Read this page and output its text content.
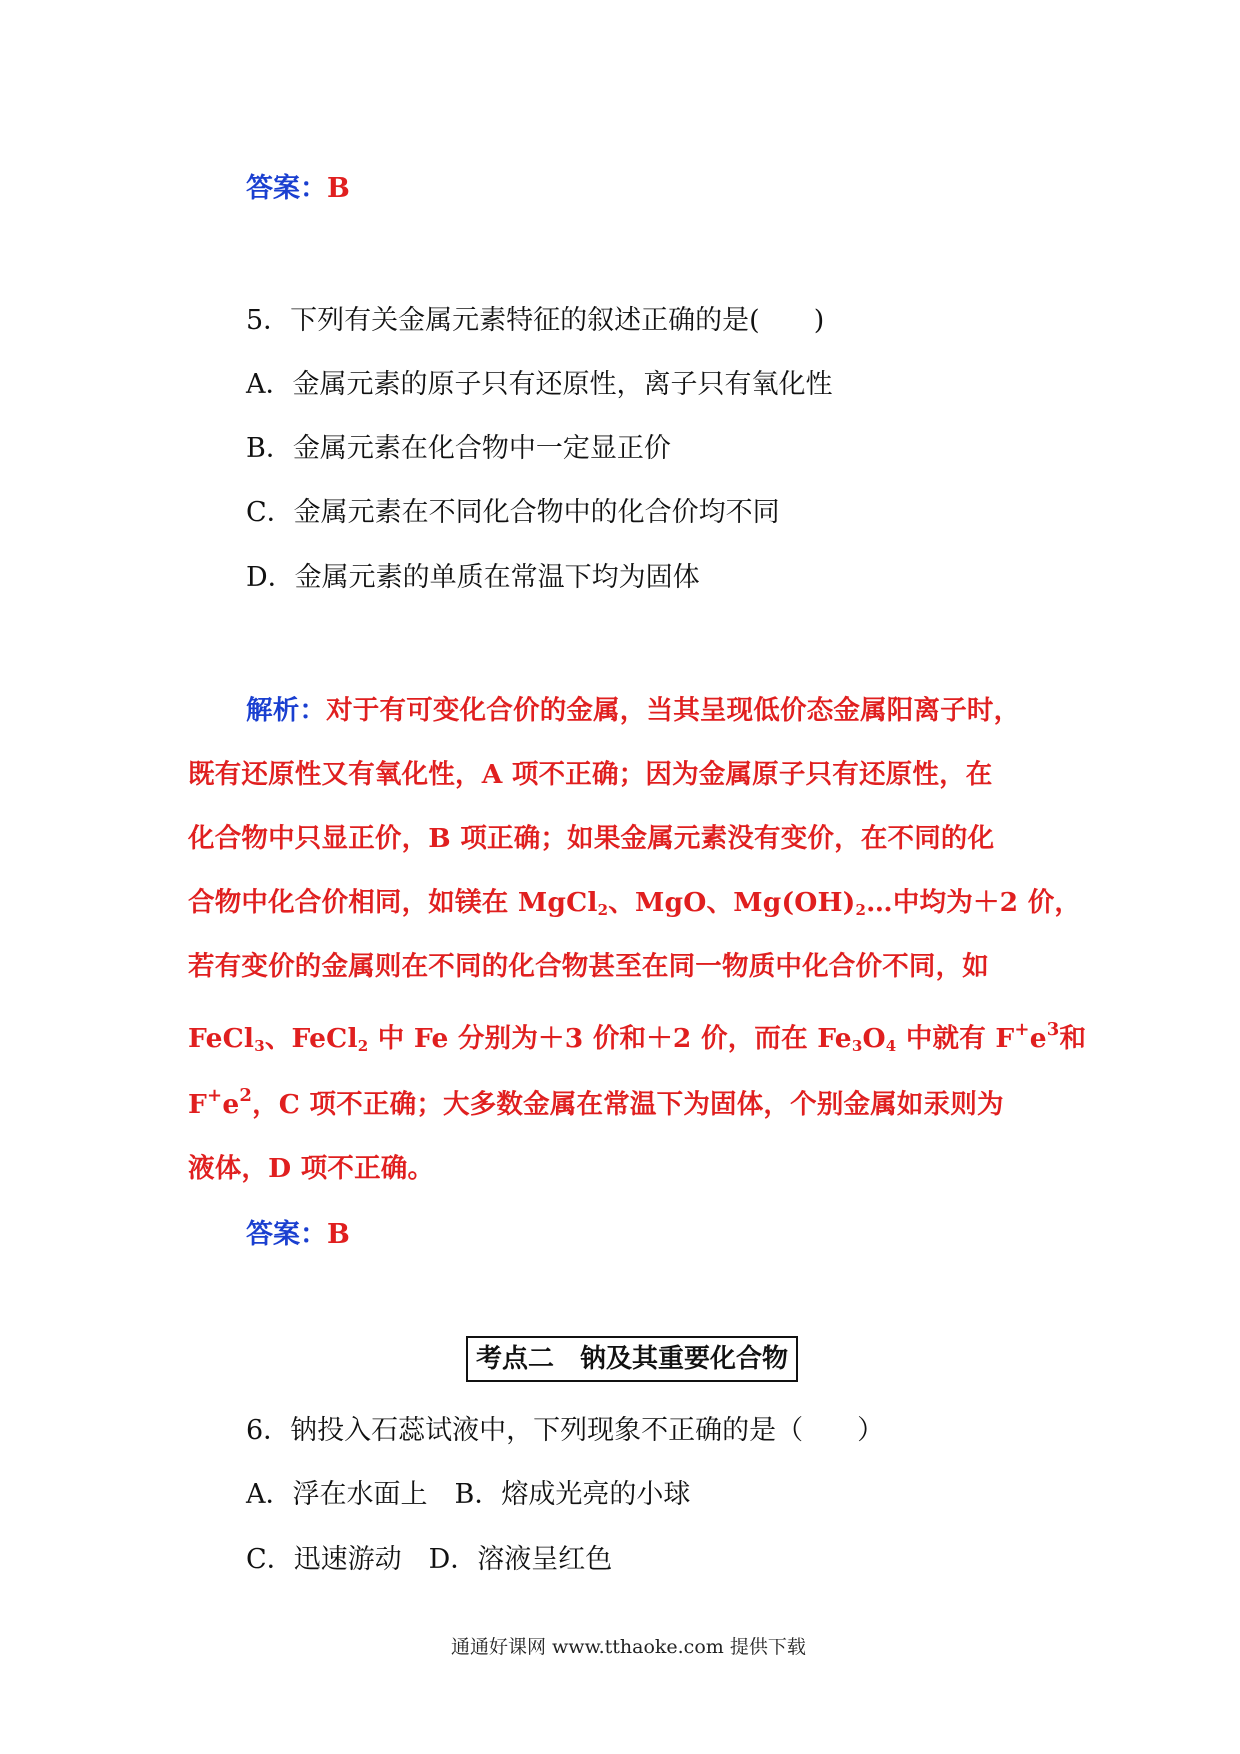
答案：B
5．下列有关金属元素特征的叙述正确的是(　　)
A．金属元素的原子只有还原性，离子只有氧化性
B．金属元素在化合物中一定显正价
C．金属元素在不同化合物中的化合价均不同
D．金属元素的单质在常温下均为固体
解析：对于有可变化合价的金属，当其呈现低价态金属阳离子时，
既有还原性又有氧化性，A 项不正确；因为金属原子只有还原性，在
化合物中只显正价，B 项正确；如果金属元素没有变价，在不同的化
合物中化合价相同，如镁在 MgCl$_2$、MgO、$Mg(OH)_2\dots$中均为＋2 价，
若有变价的金属则在不同的化合物甚至在同一物质中化合价不同，如
FeCl$_3$、FeCl$_2$ 中 Fe 分别为＋3 价和＋2 价，而在 $Fe_3O_4$ 中就有 $F^+e^3$和
$F^+e^2$，C 项不正确；大多数金属在常温下为固体，个别金属如汞则为
液体，D 项不正确。
答案：B
考点二　钠及其重要化合物
6．钠投入石蕊试液中，下列现象不正确的是（　　）
A．浮在水面上　B．熔成光亮的小球
C．迅速游动　D．溶液呈红色
通通好课网 www.tthaoke.com 提供下载
